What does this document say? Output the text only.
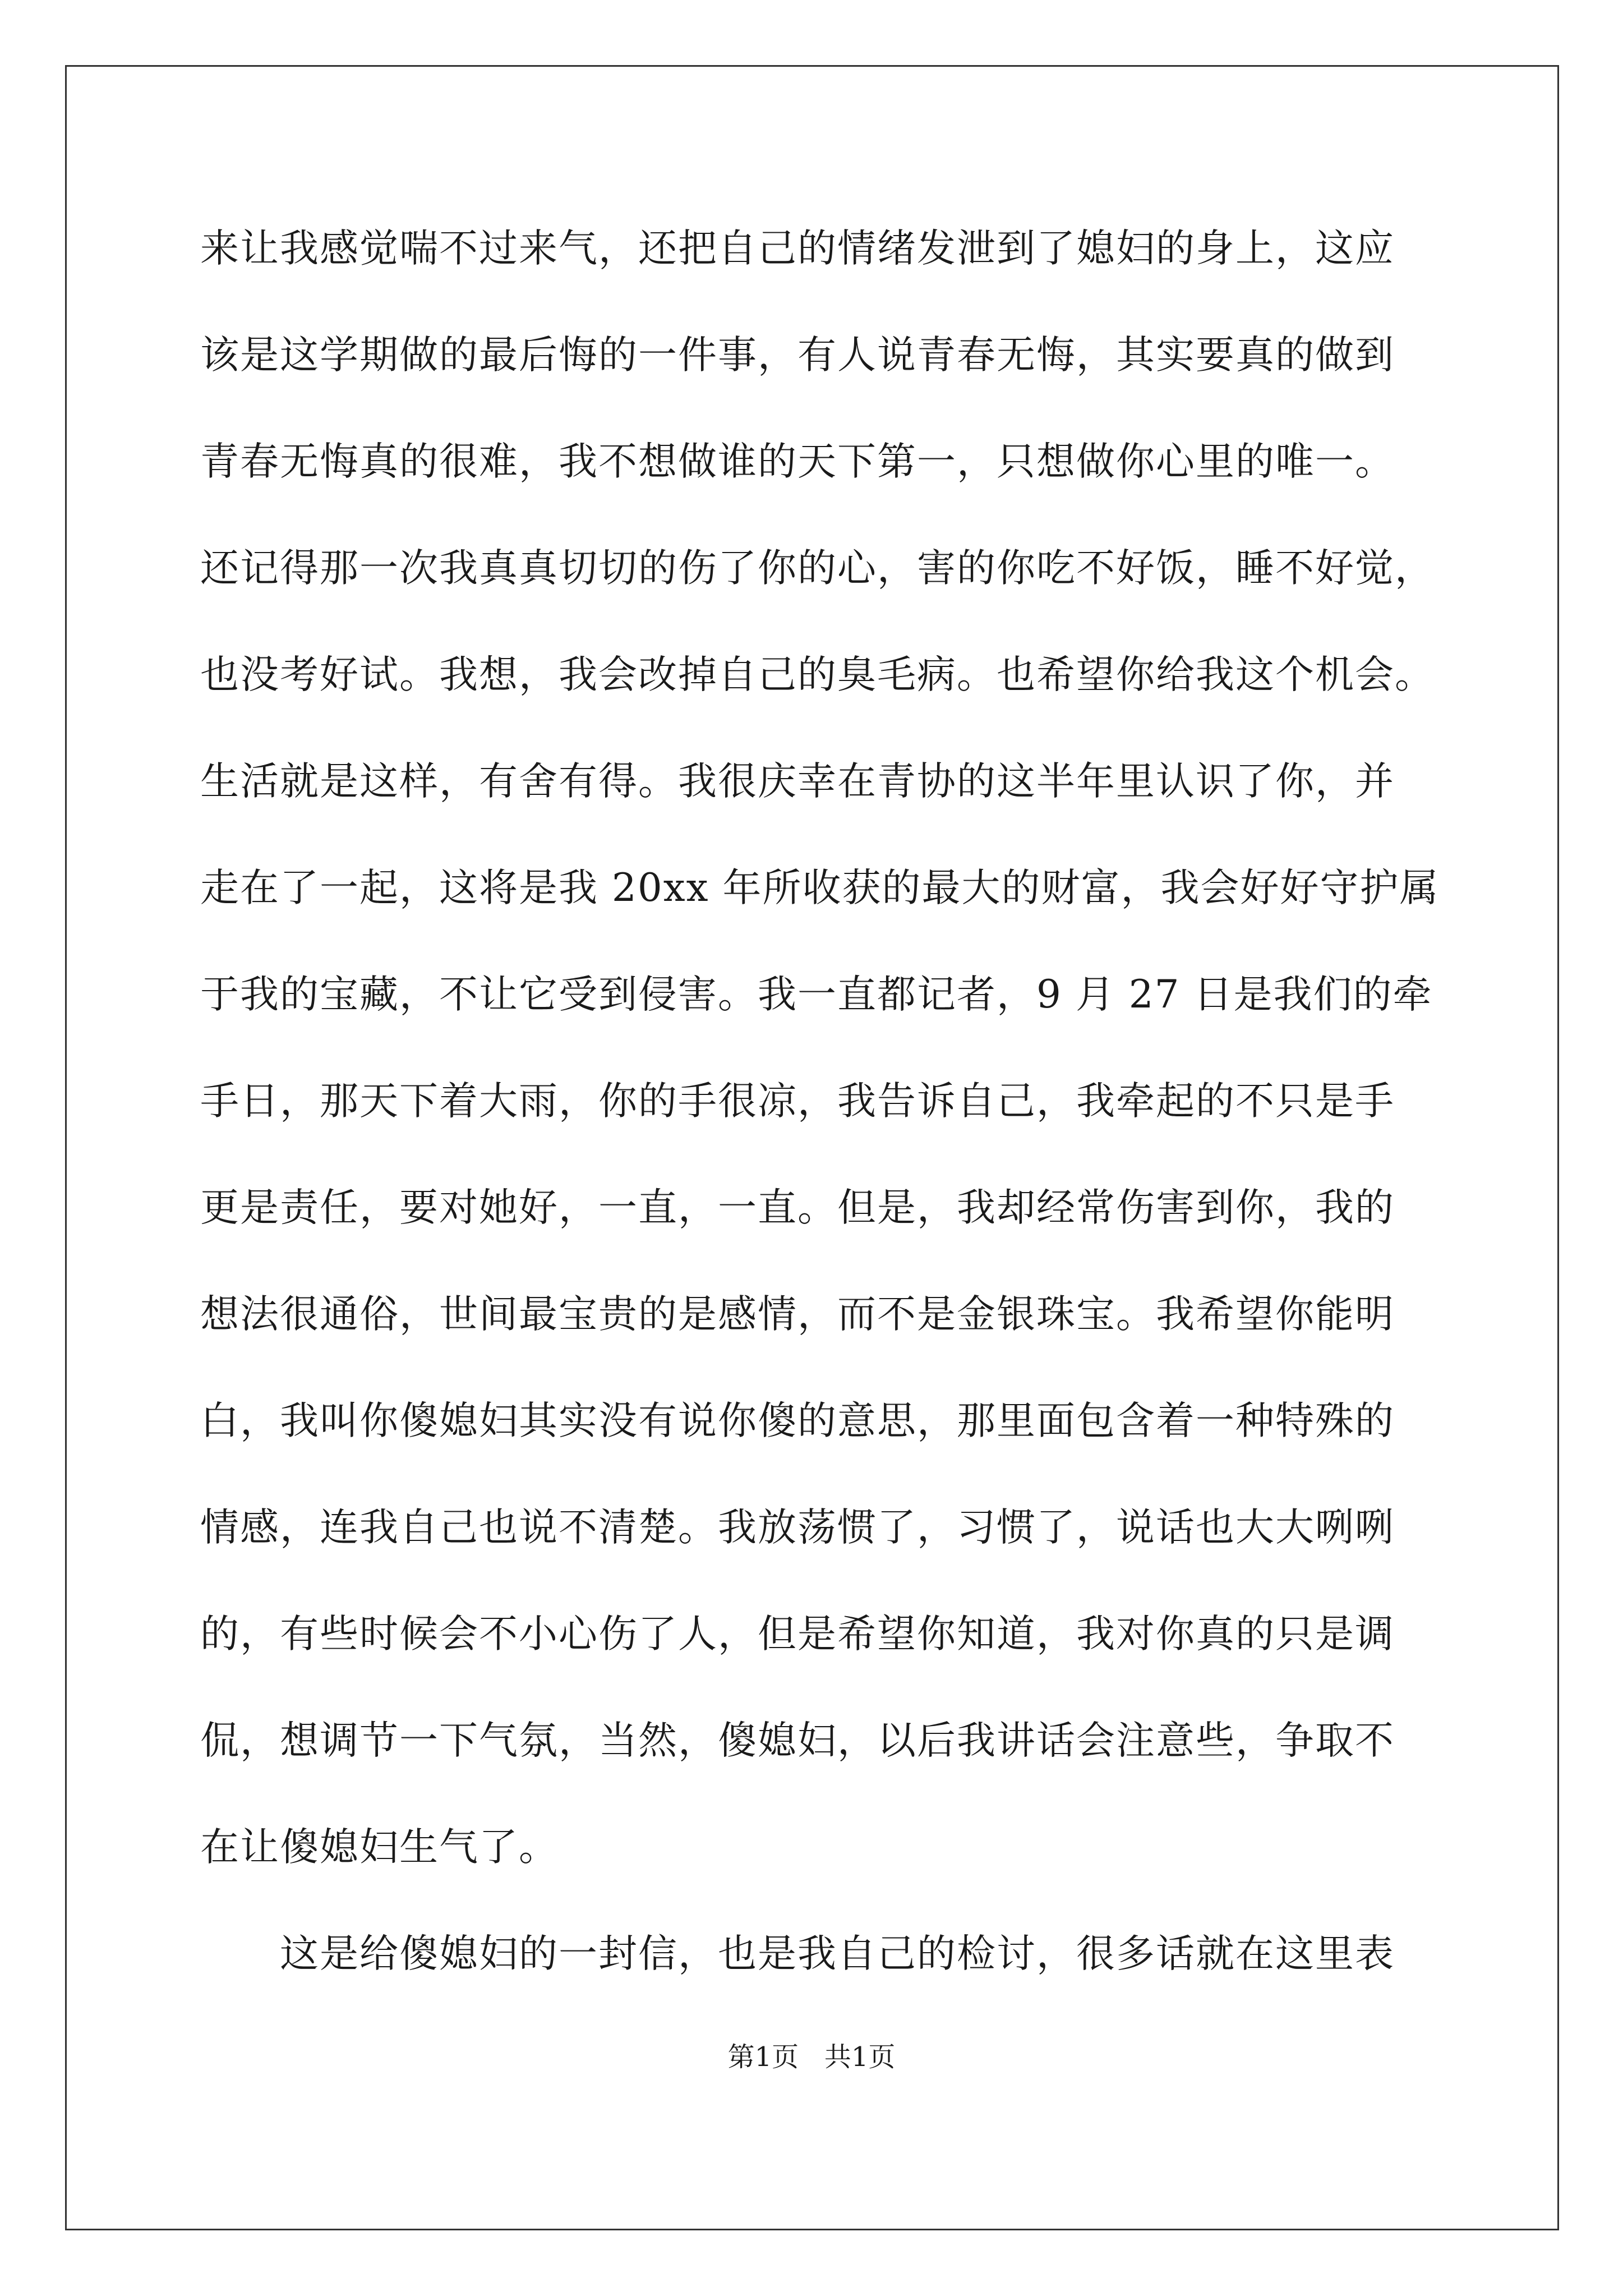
来让我感觉喘不过来气，还把自己的情绪发泄到了媳妇的身上，这应
该是这学期做的最后悔的一件事，有人说青春无悔，其实要真的做到
青春无悔真的很难，我不想做谁的天下第一，只想做你心里的唯一。
还记得那一次我真真切切的伤了你的心，害的你吃不好饭，睡不好觉，
也没考好试。我想，我会改掉自己的臭毛病。也希望你给我这个机会。
生活就是这样，有舍有得。我很庆幸在青协的这半年里认识了你，并
走在了一起，这将是我 20xx 年所收获的最大的财富，我会好好守护属
于我的宝藏，不让它受到侵害。我一直都记者，9 月 27 日是我们的牵
手日，那天下着大雨，你的手很凉，我告诉自己，我牵起的不只是手
更是责任，要对她好，一直，一直。但是，我却经常伤害到你，我的
想法很通俗，世间最宝贵的是感情，而不是金银珠宝。我希望你能明
白，我叫你傻媳妇其实没有说你傻的意思，那里面包含着一种特殊的
情感，连我自己也说不清楚。我放荡惯了，习惯了，说话也大大咧咧
的，有些时候会不小心伤了人，但是希望你知道，我对你真的只是调
侃，想调节一下气氛，当然，傻媳妇，以后我讲话会注意些，争取不
在让傻媳妇生气了。
这是给傻媳妇的一封信，也是我自己的检讨，很多话就在这里表
第1页   共1页
